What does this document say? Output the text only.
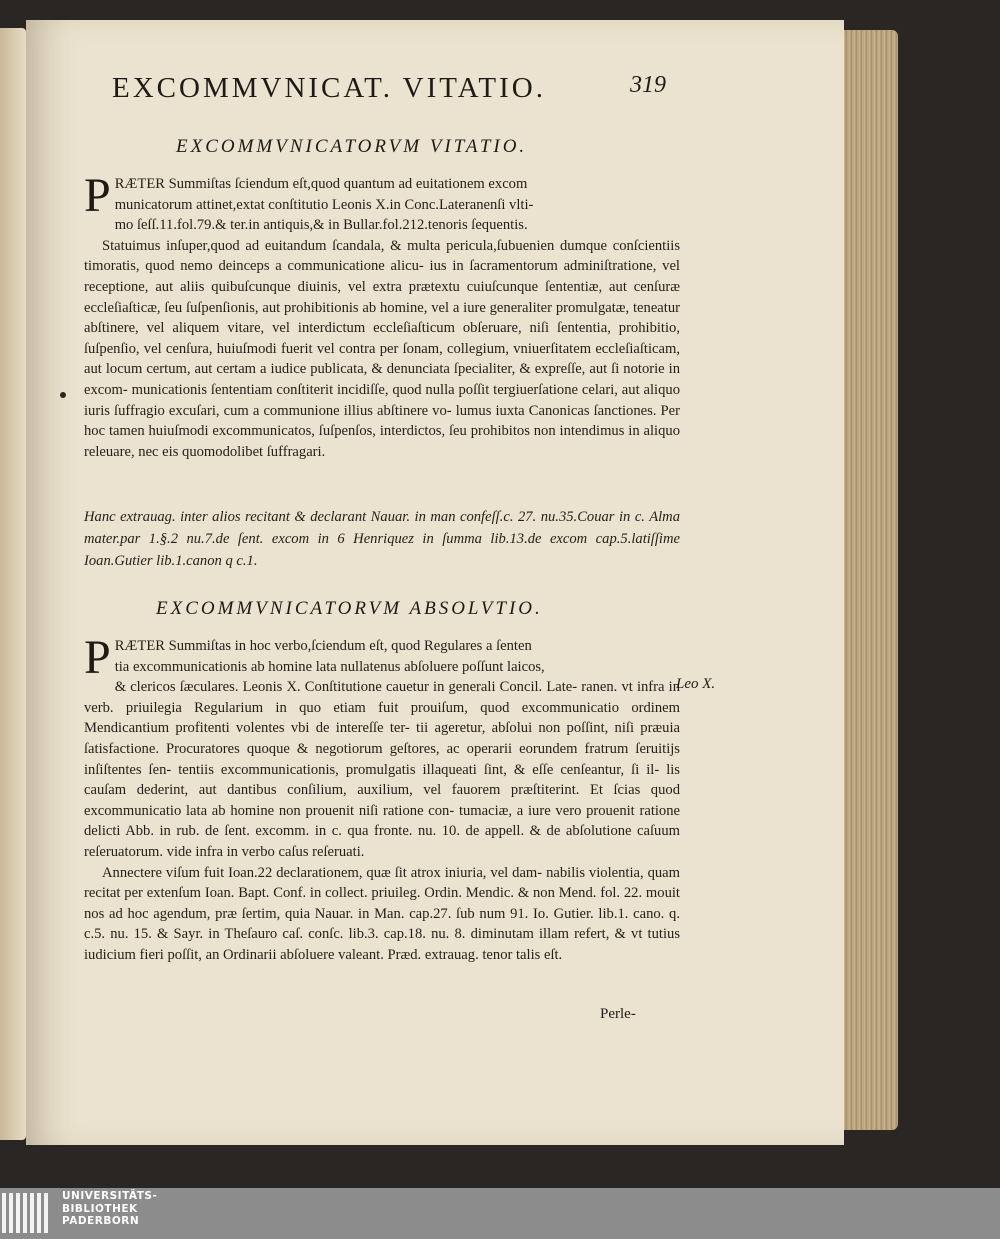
EXCOMMVNICAT. VITATIO.	319
EXCOMMVNICATORVM VITATIO.
P RÆTER Summiſtas ſciendum eſt,quod quantum ad euitationem excom

municatorum attinet,extat conſtitutio Leonis X.in Conc.Lateranenſi vlti-

mo ſeſſ.11.fol.79.& ter.in antiquis,& in Bullar.fol.212.tenoris ſequentis.

Statuimus inſuper,quod ad euitandum ſcandala, & multa pericula,ſubuenien dumque conſcientiis timoratis, quod nemo deinceps a communicatione alicu- ius in ſacramentorum adminiſtratione, vel receptione, aut aliis quibuſcunque diuinis, vel extra prætextu cuiuſcunque ſententiæ, aut cenſuræ eccleſiaſticæ, ſeu ſuſpenſionis, aut prohibitionis ab homine, vel a iure generaliter promulgatæ, teneatur abſtinere, vel aliquem vitare, vel interdictum eccleſiaſticum obſeruare, niſi ſententia, prohibitio, ſuſpenſio, vel cenſura, huiuſmodi fuerit vel contra per ſonam, collegium, vniuerſitatem eccleſiaſticam, aut locum certum, aut certam a iudice publicata, & denunciata ſpecialiter, & expreſſe, aut ſi notorie in excom- municationis ſententiam conſtiterit incidiſſe, quod nulla poſſit tergiuerſatione celari, aut aliquo iuris ſuffragio excuſari, cum a communione illius abſtinere vo- lumus iuxta Canonicas ſanctiones. Per hoc tamen huiuſmodi excommunicatos, ſuſpenſos, interdictos, ſeu prohibitos non intendimus in aliquo releuare, nec eis quomodolibet ſuffragari.

Hanc extrauag. inter alios recitant & declarant Nauar. in man confeſſ.c. 27. nu.35.Couar in c. Alma mater.par 1.§.2 nu.7.de ſent. excom in 6 Henriquez in ſumma lib.13.de excom cap.5.latiſſime Ioan.Gutier lib.1.canon q c.1.
EXCOMMVNICATORVM ABSOLVTIO.
P RÆTER Summiſtas in hoc verbo,ſciendum eſt, quod Regulares a ſenten

tia excommunicationis ab homine lata nullatenus abſoluere poſſunt laicos,

& clericos ſæculares. Leonis X. Conſtitutione cauetur in generali Concil. Late- ranen. vt infra in verb. priuilegia Regularium in quo etiam fuit prouiſum, quod excommunicatio ordinem Mendicantium profitenti volentes vbi de intereſſe ter- tii ageretur, abſolui non poſſint, niſi præuia ſatisfactione. Procuratores quoque & negotiorum geſtores, ac operarii eorundem fratrum ſeruitijs inſiſtentes ſen- tentiis excommunicationis, promulgatis illaqueati ſint, & eſſe cenſeantur, ſi il- lis cauſam dederint, aut dantibus conſilium, auxilium, vel fauorem præſtiterint. Et ſcias quod excommunicatio lata ab homine non prouenit niſi ratione con- tumaciæ, a iure vero prouenit ratione delicti Abb. in rub. de ſent. excomm. in c. qua fronte. nu. 10. de appell. & de abſolutione caſuum reſeruatorum. vide infra in verbo caſus reſeruati.

Annectere viſum fuit Ioan.22 declarationem, quæ ſit atrox iniuria, vel dam- nabilis violentia, quam recitat per extenſum Ioan. Bapt. Conf. in collect. priuileg. Ordin. Mendic. & non Mend. fol. 22. mouit nos ad hoc agendum, præ ſertim, quia Nauar. in Man. cap.27. ſub num 91. Io. Gutier. lib.1. cano. q. c.5. nu. 15. & Sayr. in Theſauro caſ. conſc. lib.3. cap.18. nu. 8. diminutam illam refert, & vt tutius iudicium fieri poſſit, an Ordinarii abſoluere valeant. Præd. extrauag. tenor talis eſt.

Leo X.
Perle-
UNIVERSITÄTS-
BIBLIOTHEK
PADERBORN
